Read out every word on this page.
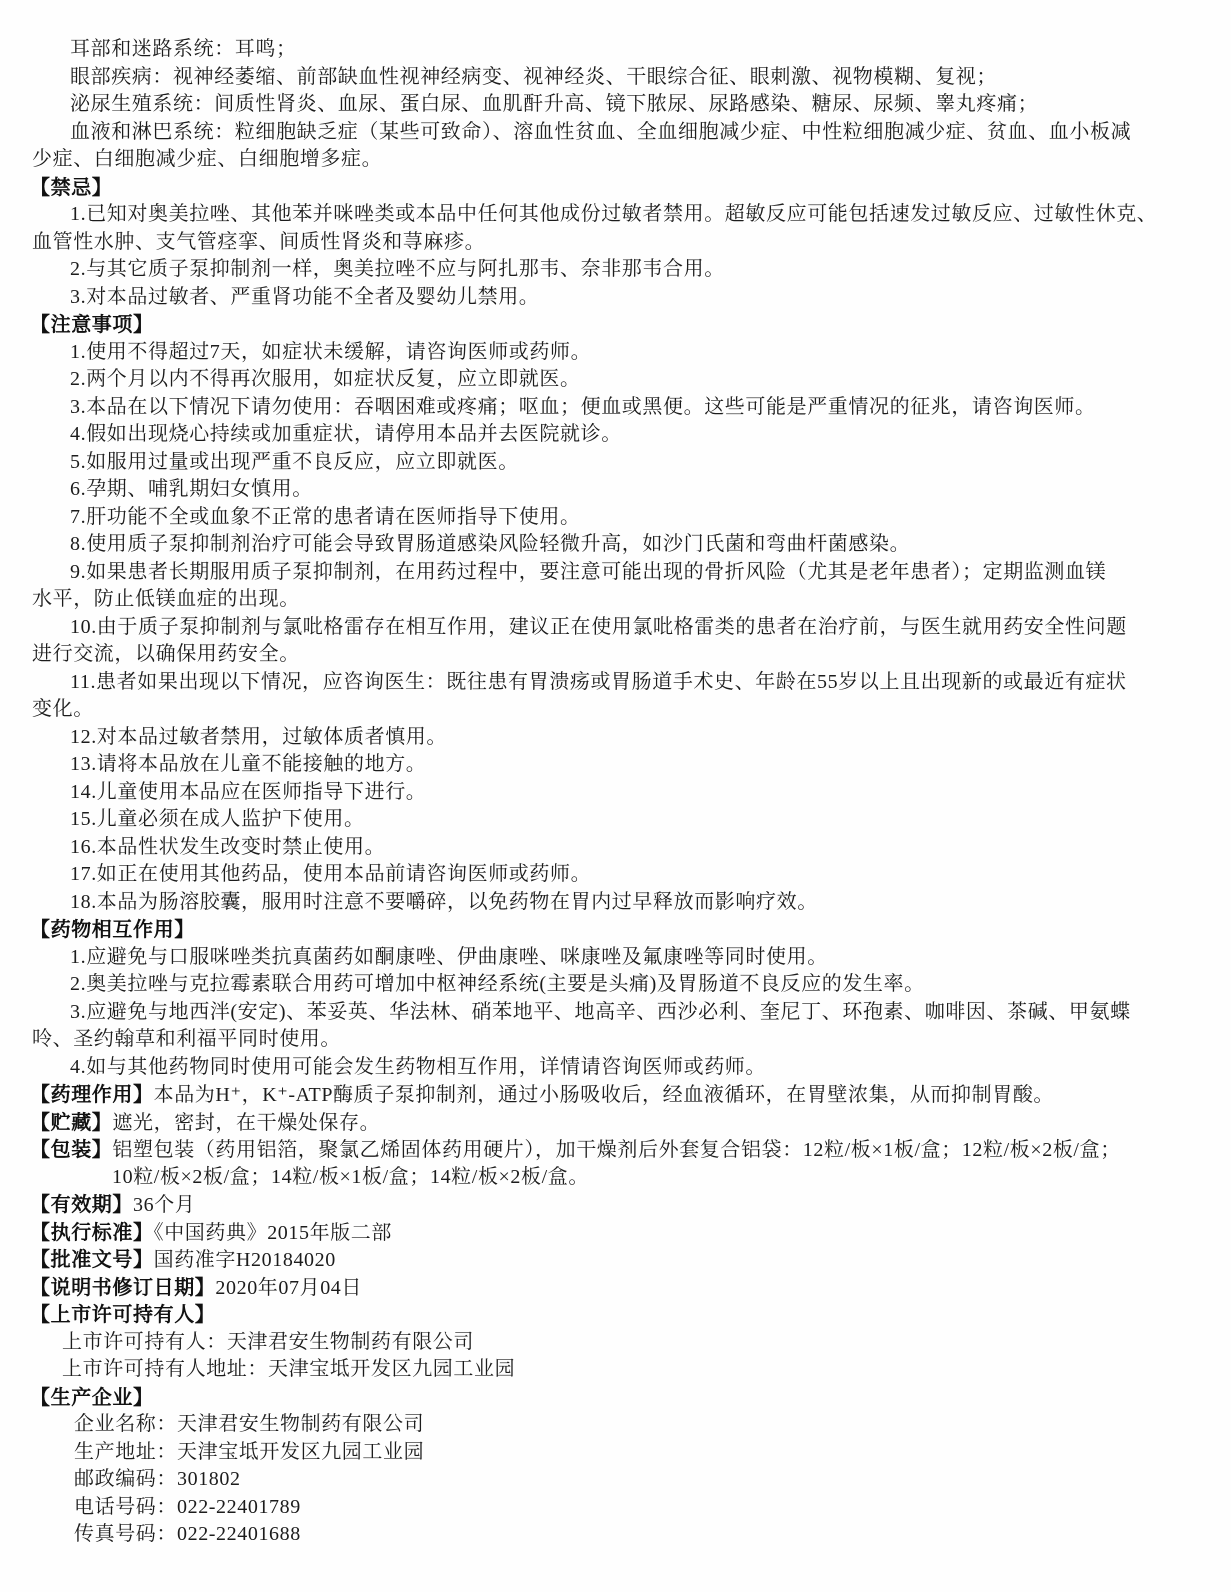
耳部和迷路系统：耳鸣；
眼部疾病：视神经萎缩、前部缺血性视神经病变、视神经炎、干眼综合征、眼刺激、视物模糊、复视；
泌尿生殖系统：间质性肾炎、血尿、蛋白尿、血肌酐升高、镜下脓尿、尿路感染、糖尿、尿频、睾丸疼痛；
血液和淋巴系统：粒细胞缺乏症（某些可致命）、溶血性贫血、全血细胞减少症、中性粒细胞减少症、贫血、血小板减
少症、白细胞减少症、白细胞增多症。
【禁忌】
1.已知对奥美拉唑、其他苯并咪唑类或本品中任何其他成份过敏者禁用。超敏反应可能包括速发过敏反应、过敏性休克、
血管性水肿、支气管痉挛、间质性肾炎和荨麻疹。
2.与其它质子泵抑制剂一样，奥美拉唑不应与阿扎那韦、奈非那韦合用。
3.对本品过敏者、严重肾功能不全者及婴幼儿禁用。
【注意事项】
1.使用不得超过7天，如症状未缓解，请咨询医师或药师。
2.两个月以内不得再次服用，如症状反复，应立即就医。
3.本品在以下情况下请勿使用：吞咽困难或疼痛；呕血；便血或黑便。这些可能是严重情况的征兆，请咨询医师。
4.假如出现烧心持续或加重症状，请停用本品并去医院就诊。
5.如服用过量或出现严重不良反应，应立即就医。
6.孕期、哺乳期妇女慎用。
7.肝功能不全或血象不正常的患者请在医师指导下使用。
8.使用质子泵抑制剂治疗可能会导致胃肠道感染风险轻微升高，如沙门氏菌和弯曲杆菌感染。
9.如果患者长期服用质子泵抑制剂，在用药过程中，要注意可能出现的骨折风险（尤其是老年患者）；定期监测血镁
水平，防止低镁血症的出现。
10.由于质子泵抑制剂与氯吡格雷存在相互作用，建议正在使用氯吡格雷类的患者在治疗前，与医生就用药安全性问题
进行交流，以确保用药安全。
11.患者如果出现以下情况，应咨询医生：既往患有胃溃疡或胃肠道手术史、年龄在55岁以上且出现新的或最近有症状
变化。
12.对本品过敏者禁用，过敏体质者慎用。
13.请将本品放在儿童不能接触的地方。
14.儿童使用本品应在医师指导下进行。
15.儿童必须在成人监护下使用。
16.本品性状发生改变时禁止使用。
17.如正在使用其他药品，使用本品前请咨询医师或药师。
18.本品为肠溶胶囊，服用时注意不要嚼碎，以免药物在胃内过早释放而影响疗效。
【药物相互作用】
1.应避免与口服咪唑类抗真菌药如酮康唑、伊曲康唑、咪康唑及氟康唑等同时使用。
2.奥美拉唑与克拉霉素联合用药可增加中枢神经系统(主要是头痛)及胃肠道不良反应的发生率。
3.应避免与地西泮(安定)、苯妥英、华法林、硝苯地平、地高辛、西沙必利、奎尼丁、环孢素、咖啡因、茶碱、甲氨蝶
呤、圣约翰草和利福平同时使用。
4.如与其他药物同时使用可能会发生药物相互作用，详情请咨询医师或药师。
【药理作用】本品为H⁺，K⁺-ATP酶质子泵抑制剂，通过小肠吸收后，经血液循环，在胃壁浓集，从而抑制胃酸。
【贮藏】遮光，密封，在干燥处保存。
【包装】铝塑包装（药用铝箔，聚氯乙烯固体药用硬片），加干燥剂后外套复合铝袋：12粒/板×1板/盒；12粒/板×2板/盒；
10粒/板×2板/盒；14粒/板×1板/盒；14粒/板×2板/盒。
【有效期】36个月
【执行标准】《中国药典》2015年版二部
【批准文号】国药准字H20184020
【说明书修订日期】2020年07月04日
【上市许可持有人】
上市许可持有人：天津君安生物制药有限公司
上市许可持有人地址：天津宝坻开发区九园工业园
【生产企业】
企业名称：天津君安生物制药有限公司
生产地址：天津宝坻开发区九园工业园
邮政编码：301802
电话号码：022-22401789
传真号码：022-22401688
